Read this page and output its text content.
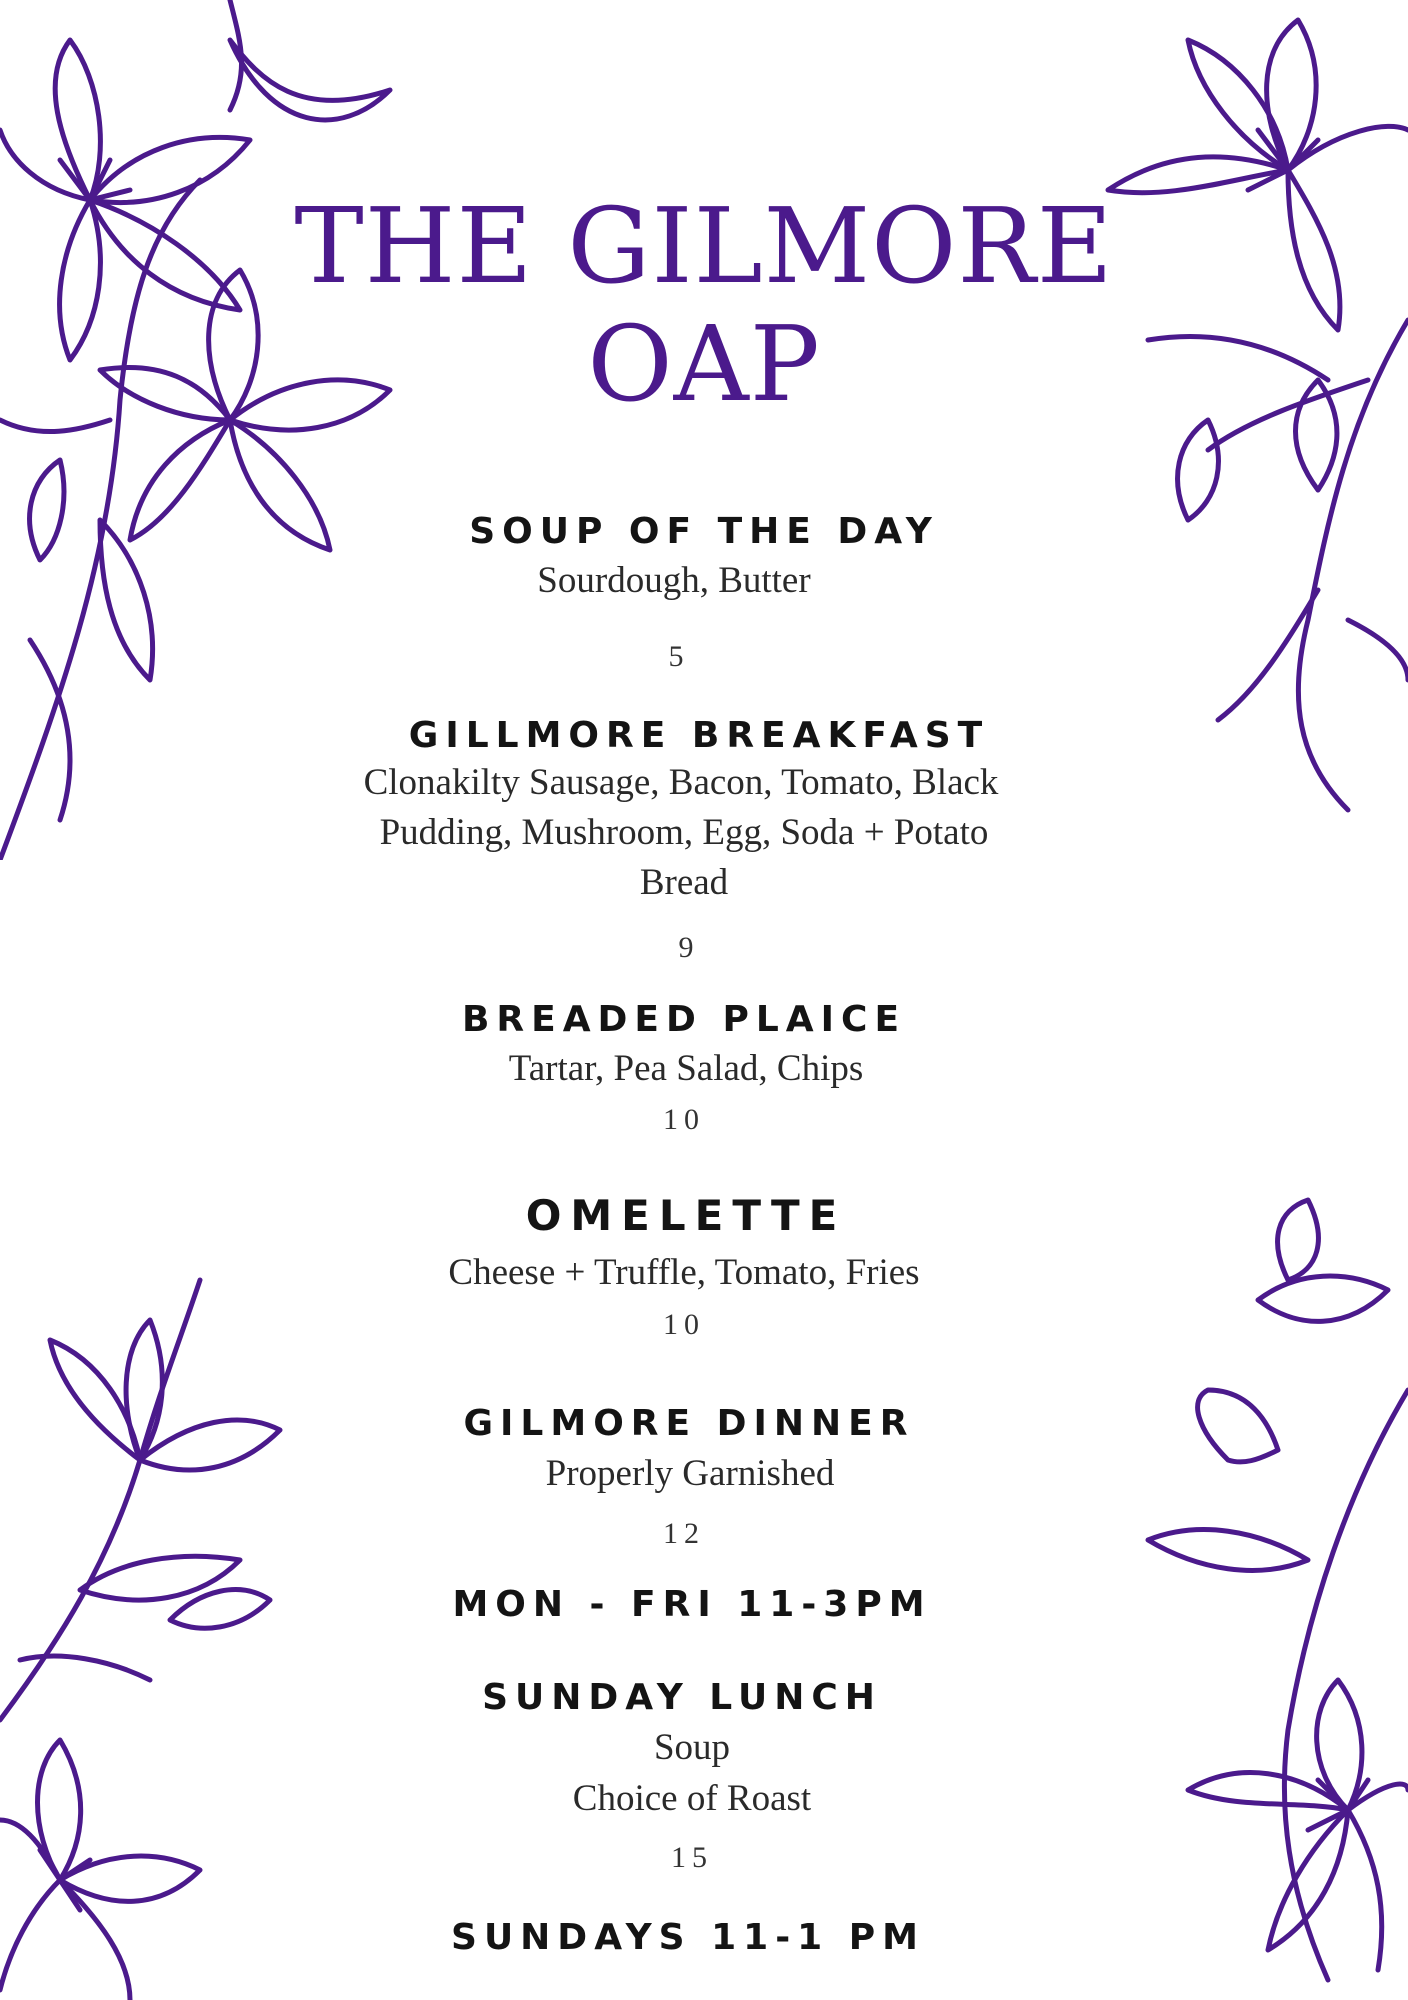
THE GILMORE
OAP
SOUP OF THE DAY
Sourdough, Butter
5
GILLMORE BREAKFAST
Clonakilty Sausage, Bacon, Tomato, Black
Pudding, Mushroom, Egg, Soda + Potato
Bread
9
BREADED PLAICE
Tartar, Pea Salad, Chips
10
OMELETTE
Cheese + Truffle, Tomato, Fries
10
GILMORE DINNER
Properly Garnished
12
MON - FRI 11-3PM
SUNDAY LUNCH
Soup
Choice of Roast
15
SUNDAYS 11-1 PM
